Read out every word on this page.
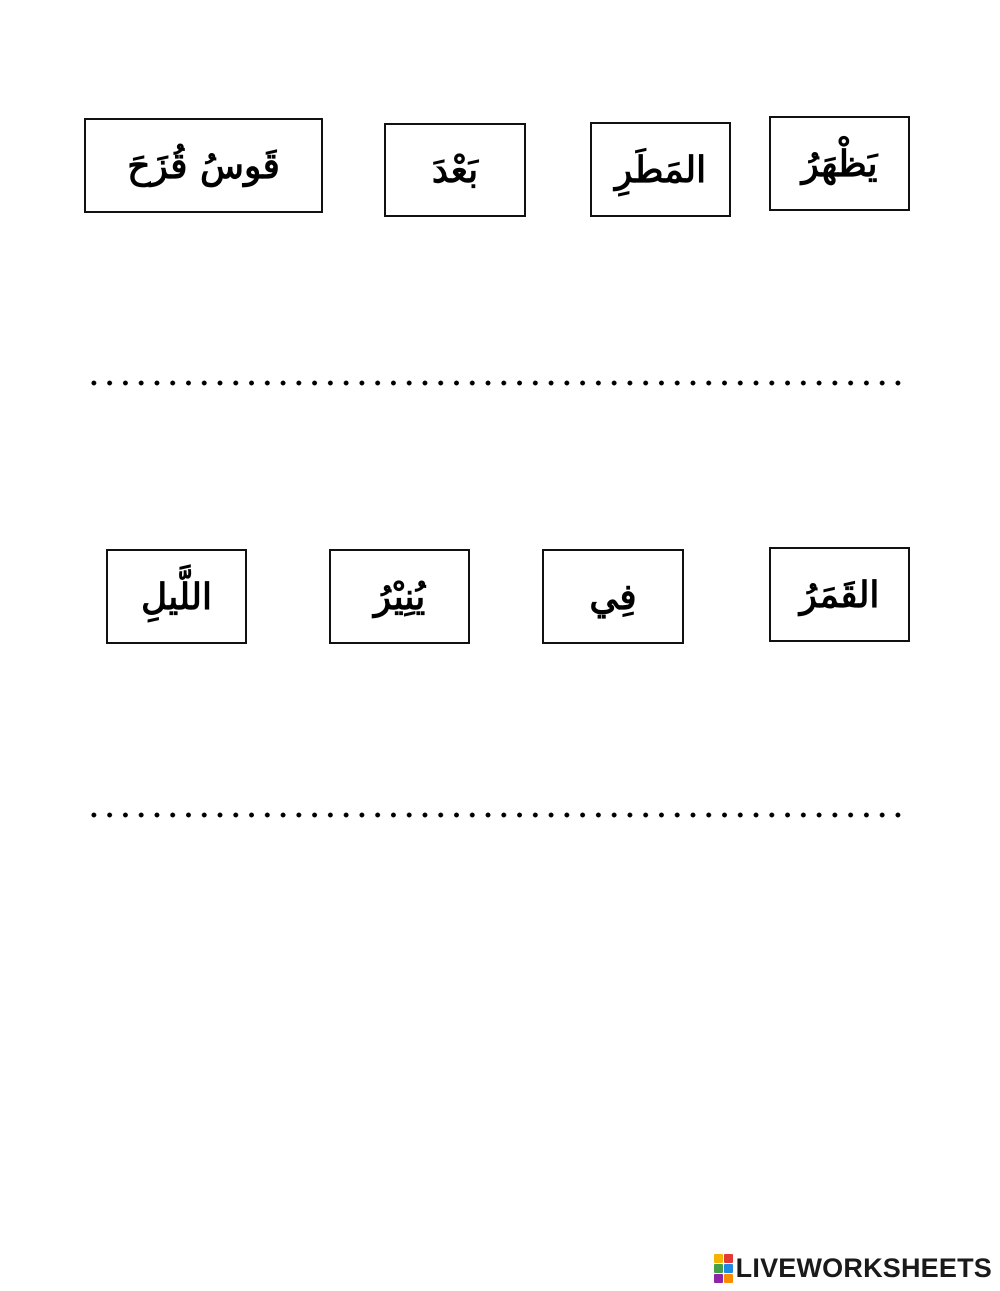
قَوسُ قُزَحَ	بَعْدَ	المَطَرِ	يَظْهَرُ
اللَّيلِ	يُنِيْرُ	فِي	القَمَرُ
LIVEWORKSHEETS
